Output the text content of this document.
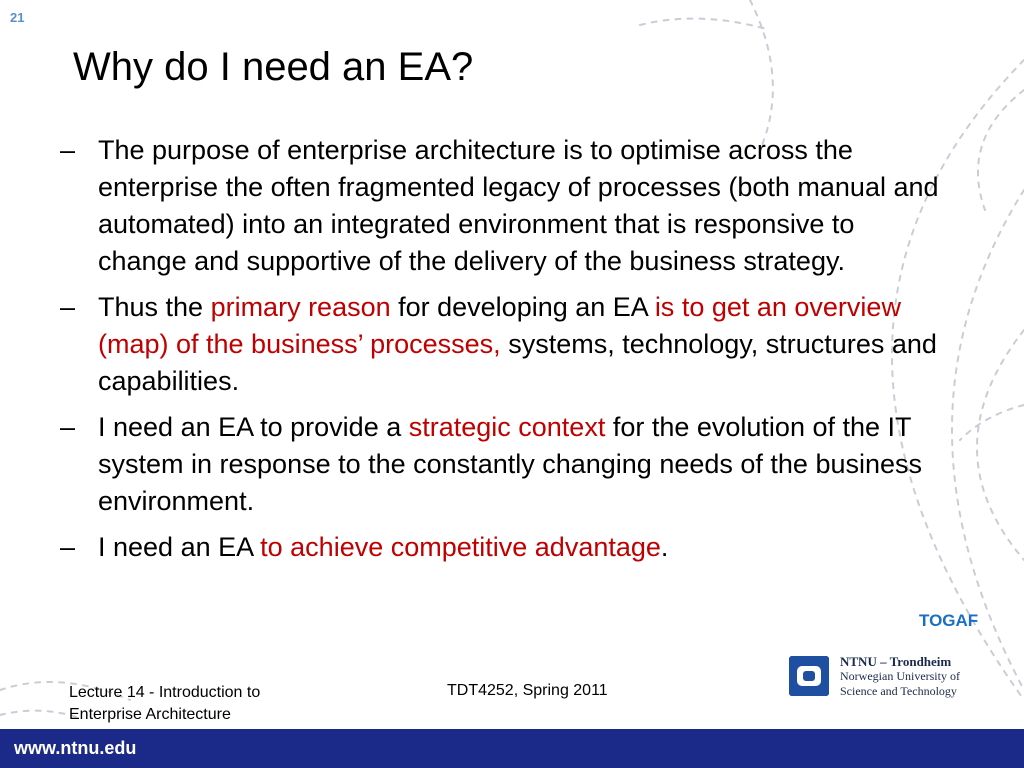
21
Why do I need an EA?
– The purpose of enterprise architecture is to optimise across the enterprise the often fragmented legacy of processes (both manual and automated) into an integrated environment that is responsive to change and supportive of the delivery of the business strategy.
– Thus the primary reason for developing an EA is to get an overview (map) of the business’ processes, systems, technology, structures and capabilities.
– I need an EA to provide a strategic context for the evolution of the IT system in response to the constantly changing needs of the business environment.
– I need an EA to achieve competitive advantage.
TOGAF
Lecture 14 - Introduction to
Enterprise Architecture
TDT4252, Spring 2011
NTNU – Trondheim
Norwegian University of
Science and Technology
www.ntnu.edu
